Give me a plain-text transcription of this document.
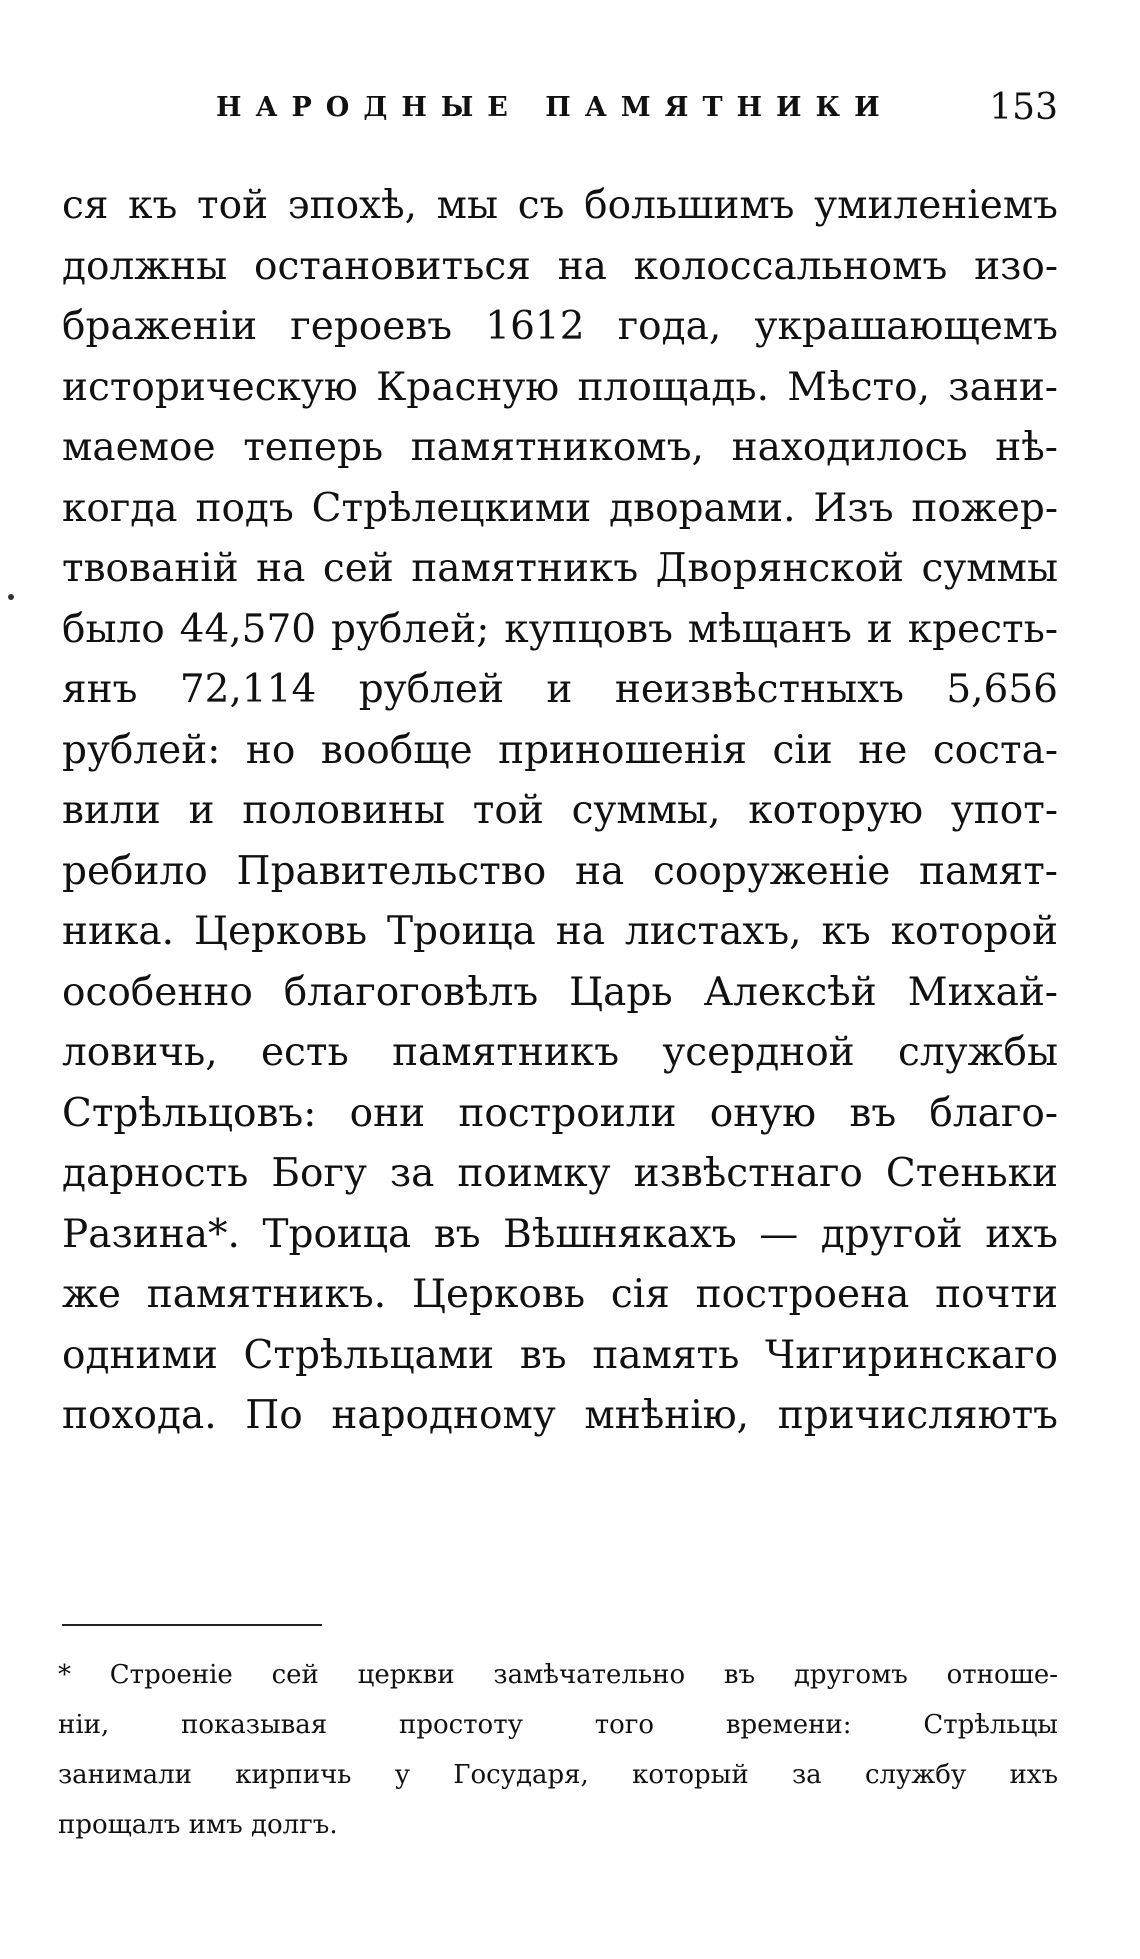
НАРОДНЫЕ ПАМЯТНИКИ	153
ся къ той эпохѣ, мы съ большимъ умиленіемъ
должны остановиться на колоссальномъ изо-
браженіи героевъ 1612 года, украшающемъ
историческую Красную площадь. Мѣсто, зани-
маемое теперь памятникомъ, находилось нѣ-
когда подъ Стрѣлецкими дворами. Изъ пожер-
твованій на сей памятникъ Дворянской суммы
было 44,570 рублей; купцовъ мѣщанъ и кресть-
янъ 72,114 рублей и неизвѣстныхъ 5,656
рублей: но вообще приношенія сіи не соста-
вили и половины той суммы, которую упот-
ребило Правительство на сооруженіе памят-
ника. Церковь Троица на листахъ, къ которой
особенно благоговѣлъ Царь Алексѣй Михай-
ловичь, есть памятникъ усердной службы
Стрѣльцовъ: они построили оную въ благо-
дарность Богу за поимку извѣстнаго Стеньки
Разина*. Троица въ Вѣшнякахъ — другой ихъ
же памятникъ. Церковь сія построена почти
одними Стрѣльцами въ память Чигиринскаго
похода. По народному мнѣнію, причисляютъ
* Строеніе сей церкви замѣчательно въ другомъ отноше-
ніи, показывая простоту того времени: Стрѣльцы
занимали кирпичь у Государя, который за службу ихъ
прощалъ имъ долгъ.
